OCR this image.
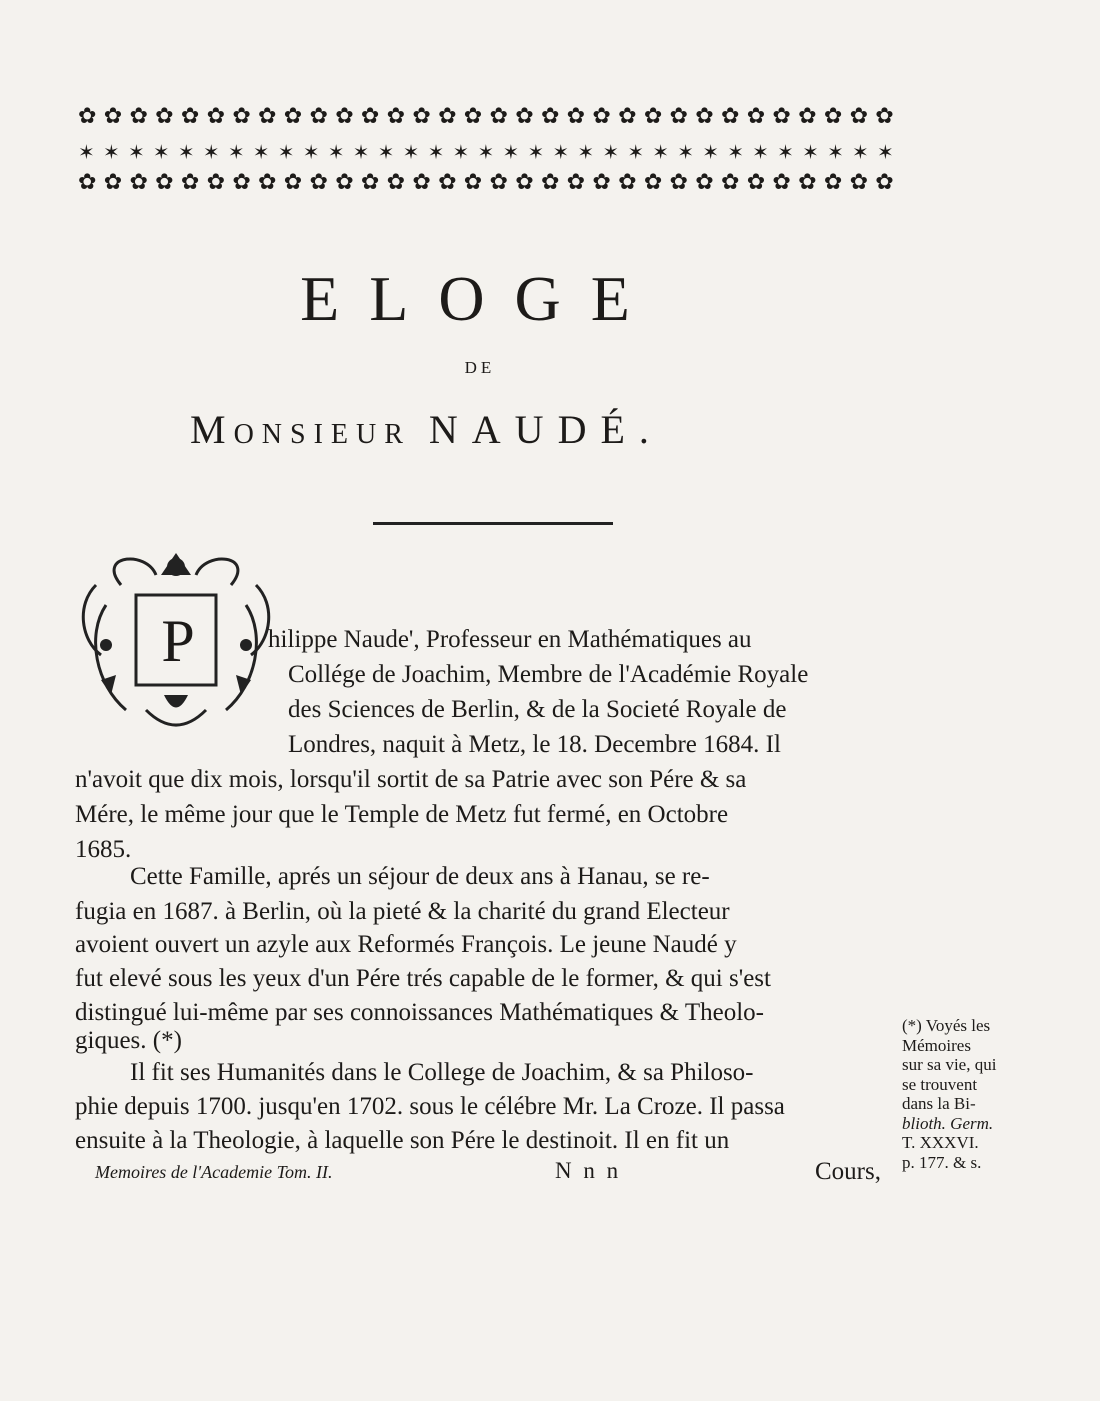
✿ ✿ ✿ ✿ ✿ ✿ ✿ ✿ ✿ ✿ ✿ ✿ ✿ ✿ ✿ ✿ ✿ ✿ ✿ ✿ ✿ ✿ ✿ ✿ ✿ ✿ ✿ ✿ ✿ ✿ ✿ ✿
✶ ✶ ✶ ✶ ✶ ✶ ✶ ✶ ✶ ✶ ✶ ✶ ✶ ✶ ✶ ✶ ✶ ✶ ✶ ✶ ✶ ✶ ✶ ✶ ✶ ✶ ✶ ✶ ✶ ✶ ✶ ✶ ✶
✿ ✿ ✿ ✿ ✿ ✿ ✿ ✿ ✿ ✿ ✿ ✿ ✿ ✿ ✿ ✿ ✿ ✿ ✿ ✿ ✿ ✿ ✿ ✿ ✿ ✿ ✿ ✿ ✿ ✿ ✿ ✿
ELOGE
DE
Monsieur NAUDÉ.
P	hilippe Naude', Professeur en Mathématiques au
Collége de Joachim, Membre de l'Académie Royale
des Sciences de Berlin, & de la Societé Royale de
Londres, naquit à Metz, le 18. Decembre 1684. Il
n'avoit que dix mois, lorsqu'il sortit de sa Patrie avec son Pére & sa
Mére, le même jour que le Temple de Metz fut fermé, en Octobre
1685.
Cette Famille, aprés un séjour de deux ans à Hanau, se re-
fugia en 1687. à Berlin, où la pieté & la charité du grand Electeur
avoient ouvert un azyle aux Reformés François. Le jeune Naudé y
fut elevé sous les yeux d'un Pére trés capable de le former, & qui s'est
distingué lui-même par ses connoissances Mathématiques & Theolo-
giques. (*)
Il fit ses Humanités dans le College de Joachim, & sa Philoso-
phie depuis 1700. jusqu'en 1702. sous le célébre Mr. La Croze. Il passa
ensuite à la Theologie, à laquelle son Pére le destinoit. Il en fit un
Memoires de l'Academie Tom. II.	N n n	Cours,
(*) Voyés les
Mémoires
sur sa vie, qui
se trouvent
dans la Bi-
blioth. Germ.
T. XXXVI.
p. 177. & s.
